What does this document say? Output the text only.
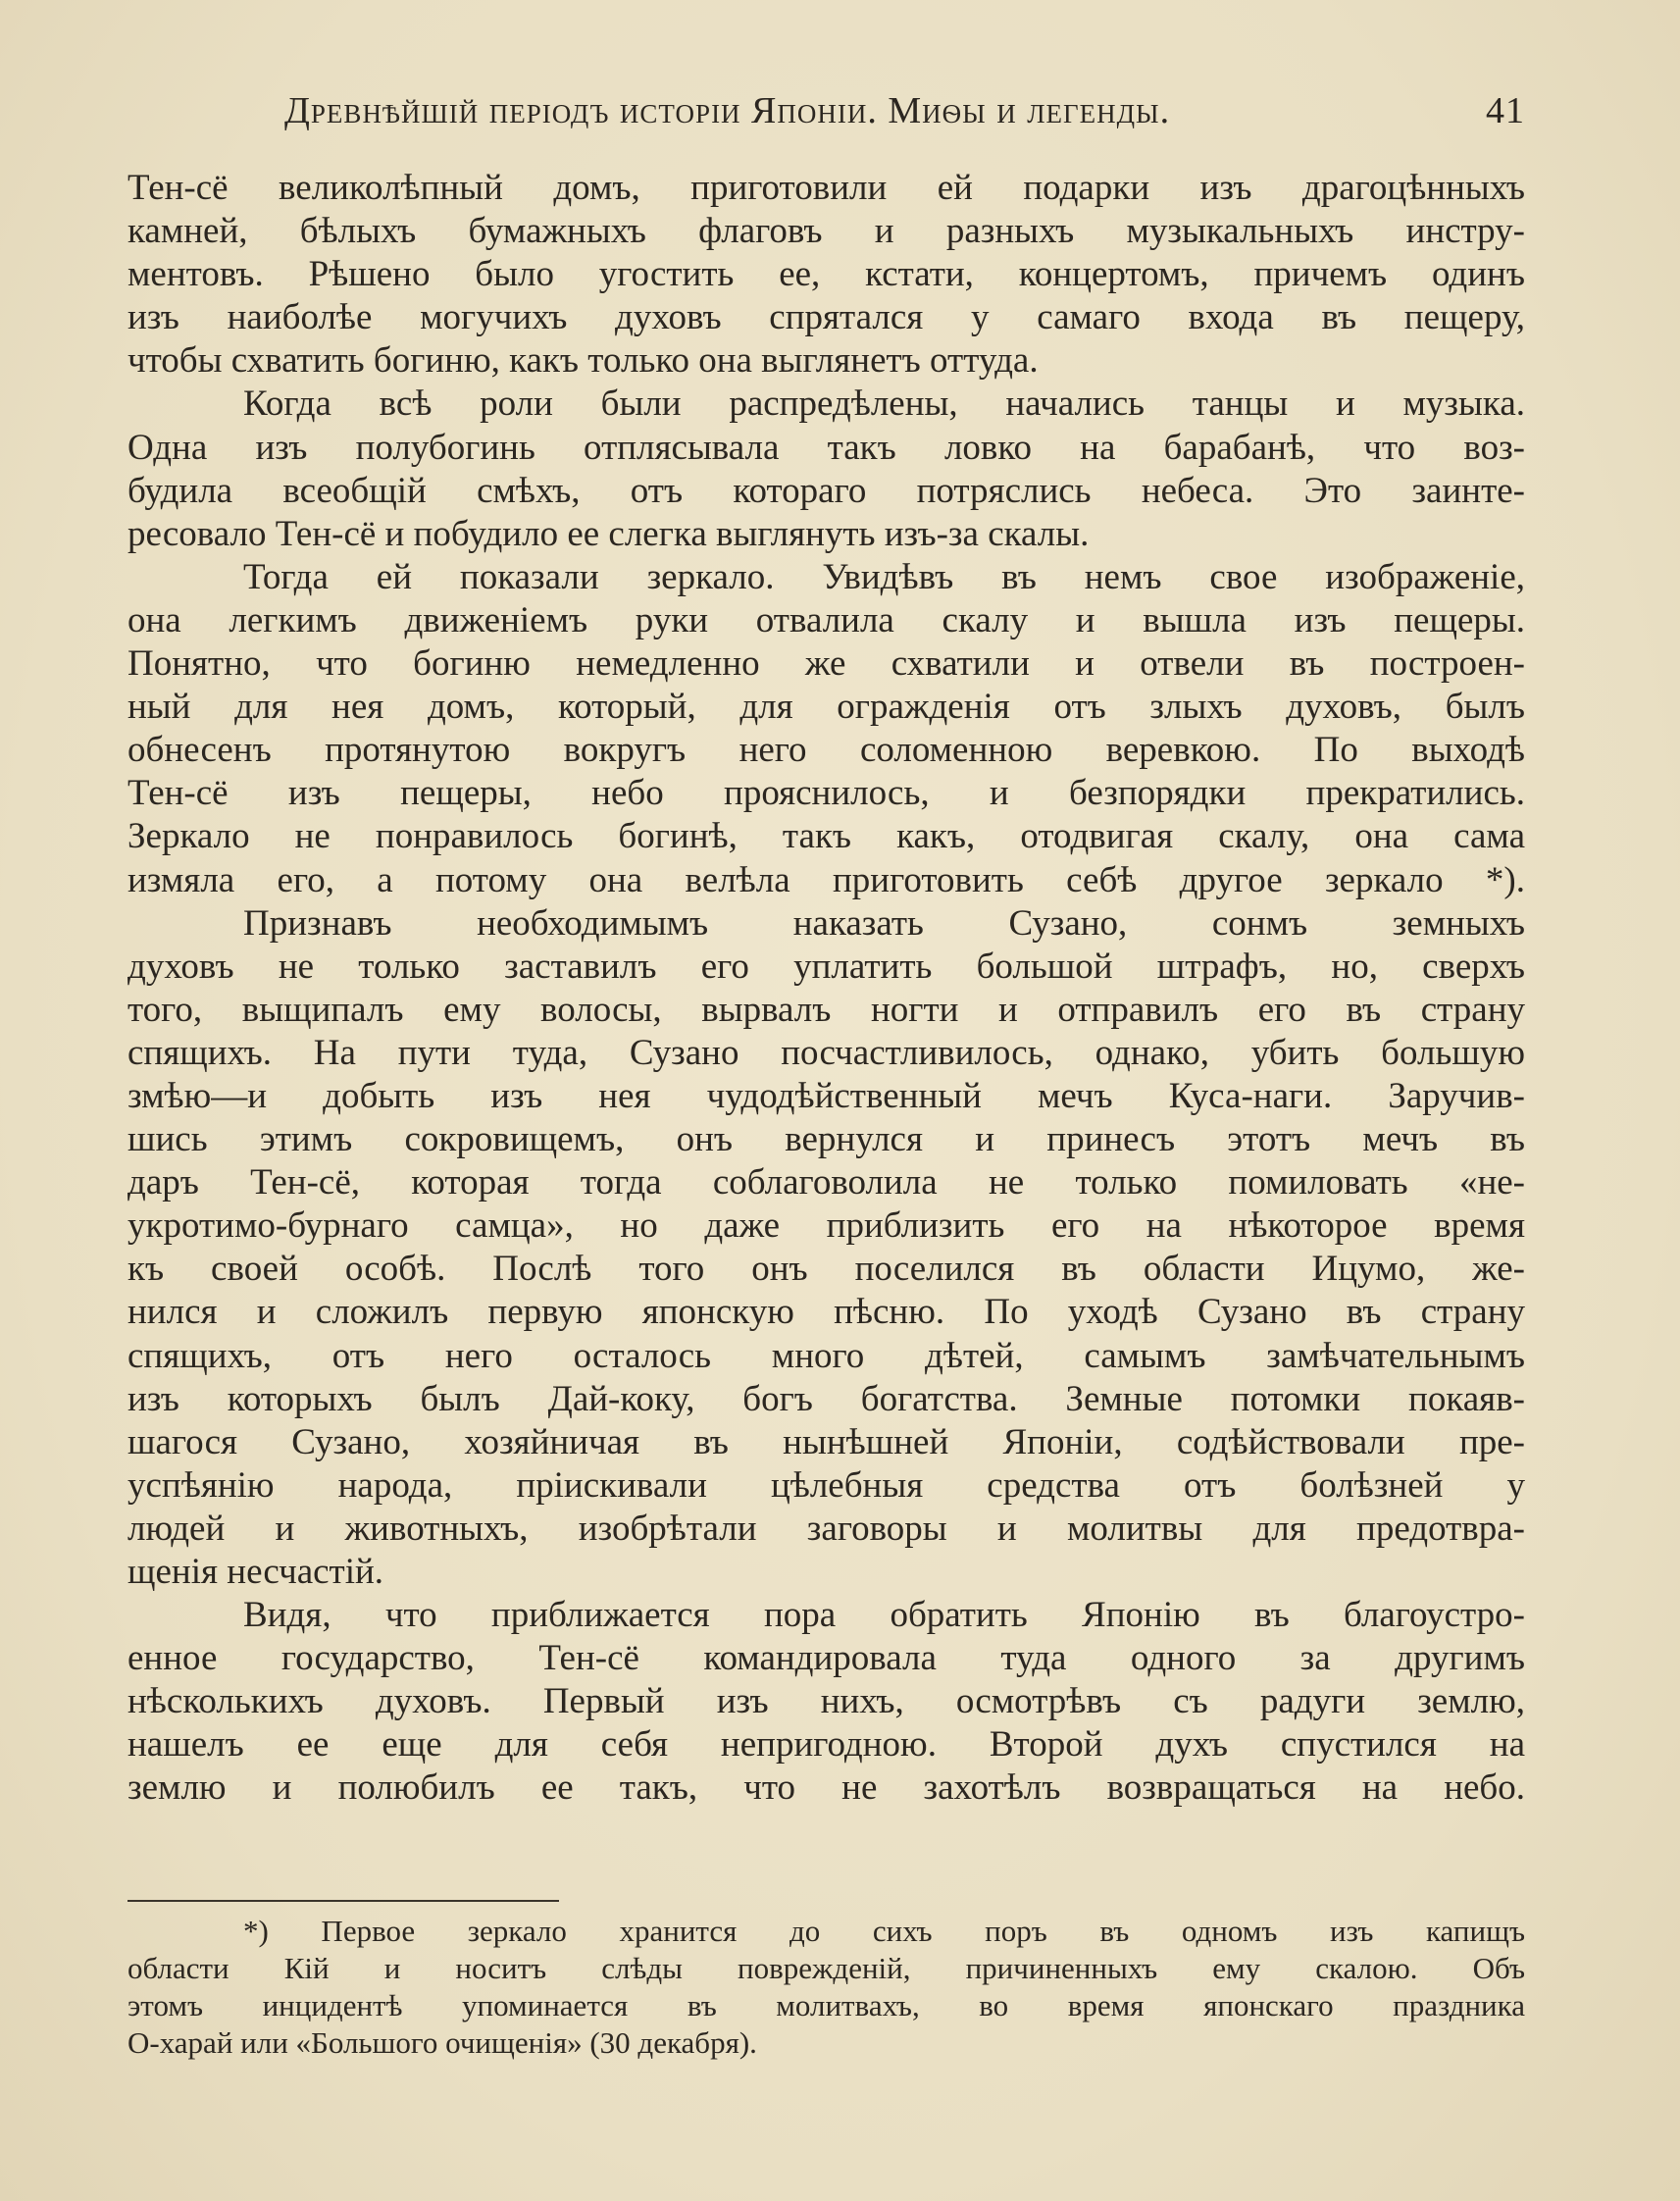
Древнѣйшій періодъ исторіи Японіи. Миѳы и легенды.	41
Тен-сё великолѣпный домъ, приготовили ей подарки изъ драгоцѣнныхъ
камней, бѣлыхъ бумажныхъ флаговъ и разныхъ музыкальныхъ инстру-
ментовъ. Рѣшено было угостить ее, кстати, концертомъ, причемъ одинъ
изъ наиболѣе могучихъ духовъ спрятался у самаго входа въ пещеру,
чтобы схватить богиню, какъ только она выглянетъ оттуда.
Когда всѣ роли были распредѣлены, начались танцы и музыка.
Одна изъ полубогинь отплясывала такъ ловко на барабанѣ, что воз-
будила всеобщій смѣхъ, отъ котораго потряслись небеса. Это заинте-
ресовало Тен-сё и побудило ее слегка выглянуть изъ-за скалы.
Тогда ей показали зеркало. Увидѣвъ въ немъ свое изображеніе,
она легкимъ движеніемъ руки отвалила скалу и вышла изъ пещеры.
Понятно, что богиню немедленно же схватили и отвели въ построен-
ный для нея домъ, который, для огражденія отъ злыхъ духовъ, былъ
обнесенъ протянутою вокругъ него соломенною веревкою. По выходѣ
Тен-сё изъ пещеры, небо прояснилось, и безпорядки прекратились.
Зеркало не понравилось богинѣ, такъ какъ, отодвигая скалу, она сама
измяла его, а потому она велѣла приготовить себѣ другое зеркало *).
Признавъ необходимымъ наказать Сузано, сонмъ земныхъ
духовъ не только заставилъ его уплатить большой штрафъ, но, сверхъ
того, выщипалъ ему волосы, вырвалъ ногти и отправилъ его въ страну
спящихъ. На пути туда, Сузано посчастливилось, однако, убить большую
змѣю—и добыть изъ нея чудодѣйственный мечъ Куса-наги. Заручив-
шись этимъ сокровищемъ, онъ вернулся и принесъ этотъ мечъ въ
даръ Тен-сё, которая тогда соблаговолила не только помиловать «не-
укротимо-бурнаго самца», но даже приблизить его на нѣкоторое время
къ своей особѣ. Послѣ того онъ поселился въ области Ицумо, же-
нился и сложилъ первую японскую пѣсню. По уходѣ Сузано въ страну
спящихъ, отъ него осталось много дѣтей, самымъ замѣчательнымъ
изъ которыхъ былъ Дай-коку, богъ богатства. Земные потомки покаяв-
шагося Сузано, хозяйничая въ нынѣшней Японіи, содѣйствовали пре-
успѣянію народа, пріискивали цѣлебныя средства отъ болѣзней у
людей и животныхъ, изобрѣтали заговоры и молитвы для предотвра-
щенія несчастій.
Видя, что приближается пора обратить Японію въ благоустро-
енное государство, Тен-сё командировала туда одного за другимъ
нѣсколькихъ духовъ. Первый изъ нихъ, осмотрѣвъ съ радуги землю,
нашелъ ее еще для себя непригодною. Второй духъ спустился на
землю и полюбилъ ее такъ, что не захотѣлъ возвращаться на небо.
*) Первое зеркало хранится до сихъ поръ въ одномъ изъ капищъ
области Кій и носитъ слѣды поврежденій, причиненныхъ ему скалою. Объ
этомъ инцидентѣ упоминается въ молитвахъ, во время японскаго праздника
О-харай или «Большого очищенія» (30 декабря).
